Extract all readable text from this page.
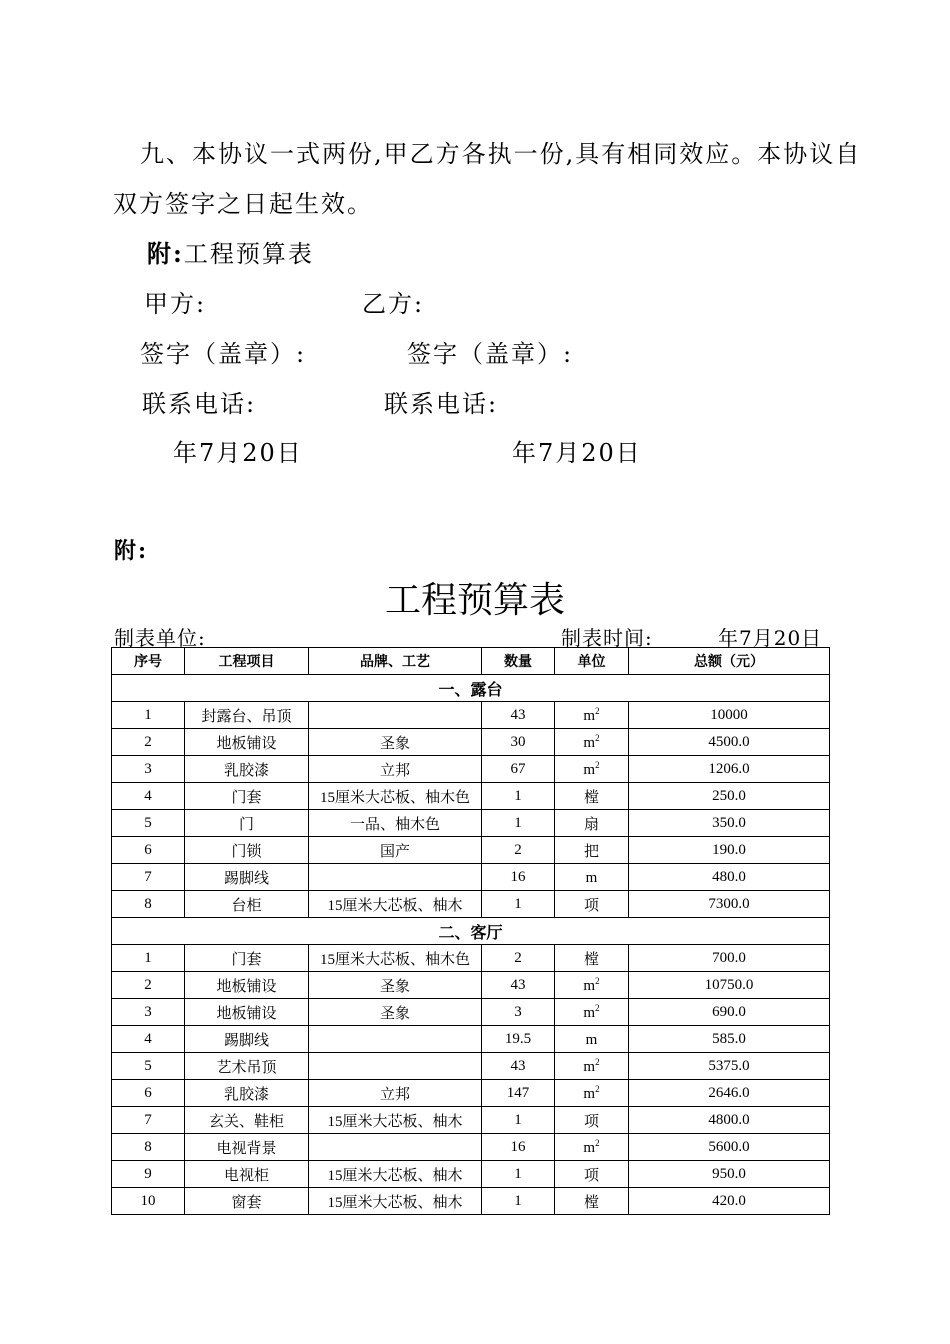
九、本协议一式两份,甲乙方各执一份,具有相同效应。本协议自
双方签字之日起生效。
附:工程预算表
甲方:	乙方:
签字（盖章）:	签字（盖章）:
联系电话:	联系电话:
年7月20日	年7月20日
附:
工程预算表
制表单位:	制表时间:	年7月20日
序号	工程项目	品牌、工艺	数量	单位	总额（元）
一、露台					
1	封露台、吊顶		43	$m^2$	10000
2	地板铺设	圣象	30	$m^2$	4500.0
3	乳胶漆	立邦	67	$m^2$	1206.0
4	门套	15厘米大芯板、柚木色	1	樘	250.0
5	门	一品、柚木色	1	扇	350.0
6	门锁	国产	2	把	190.0
7	踢脚线		16	m	480.0
8	台柜	15厘米大芯板、柚木	1	项	7300.0
二、客厅					
1	门套	15厘米大芯板、柚木色	2	樘	700.0
2	地板铺设	圣象	43	$m^2$	10750.0
3	地板铺设	圣象	3	$m^2$	690.0
4	踢脚线		19.5	m	585.0
5	艺术吊顶		43	$m^2$	5375.0
6	乳胶漆	立邦	147	$m^2$	2646.0
7	玄关、鞋柜	15厘米大芯板、柚木	1	项	4800.0
8	电视背景		16	$m^2$	5600.0
9	电视柜	15厘米大芯板、柚木	1	项	950.0
10	窗套	15厘米大芯板、柚木	1	樘	420.0
